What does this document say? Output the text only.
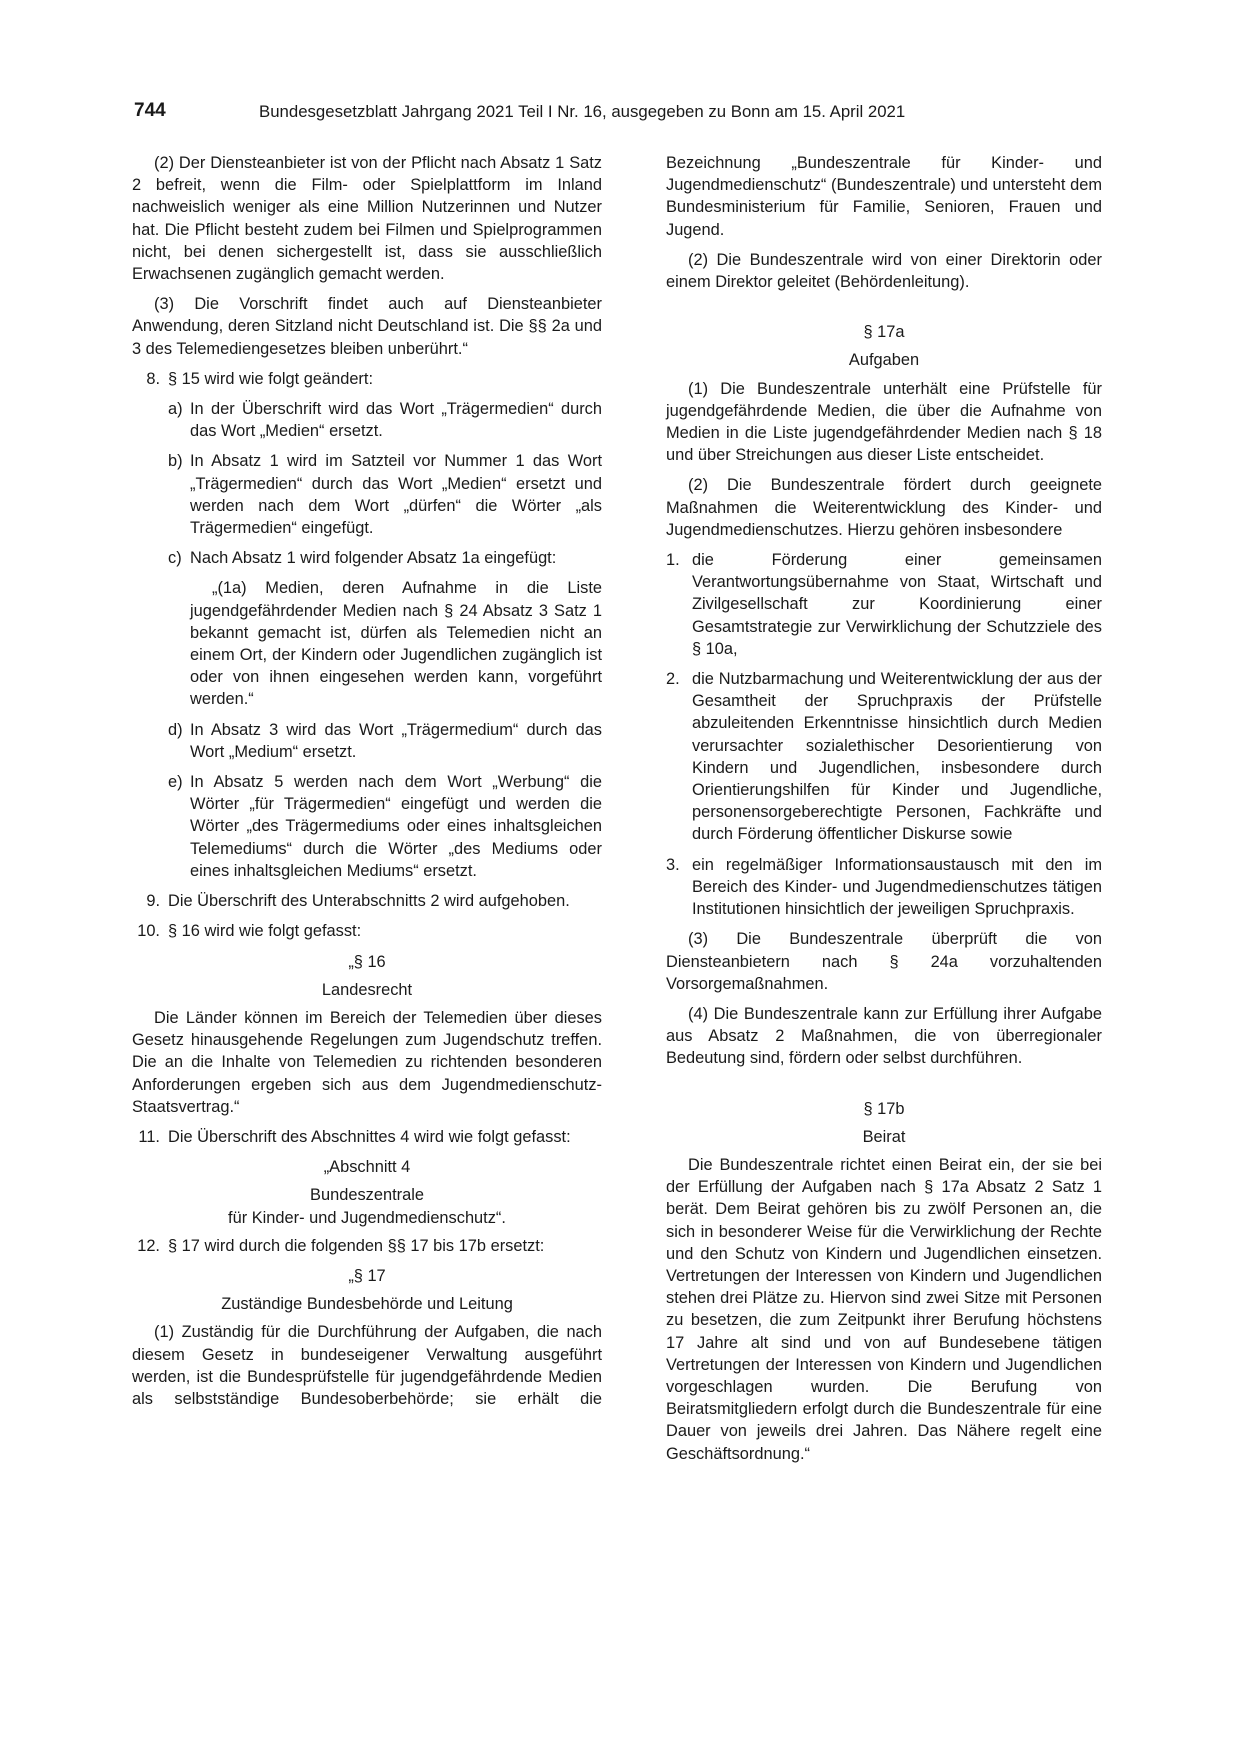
744	Bundesgesetzblatt Jahrgang 2021 Teil I Nr. 16, ausgegeben zu Bonn am 15. April 2021

(2) Der Diensteanbieter ist von der Pflicht nach Absatz 1 Satz 2 befreit, wenn die Film- oder Spielplattform im Inland nachweislich weniger als eine Million Nutzerinnen und Nutzer hat. Die Pflicht besteht zudem bei Filmen und Spielprogrammen nicht, bei denen sichergestellt ist, dass sie ausschließlich Erwachsenen zugänglich gemacht werden.

(3) Die Vorschrift findet auch auf Diensteanbieter Anwendung, deren Sitzland nicht Deutschland ist. Die §§ 2a und 3 des Telemediengesetzes bleiben unberührt.“

8. § 15 wird wie folgt geändert:
a) In der Überschrift wird das Wort „Trägermedien“ durch das Wort „Medien“ ersetzt.
b) In Absatz 1 wird im Satzteil vor Nummer 1 das Wort „Trägermedien“ durch das Wort „Medien“ ersetzt und werden nach dem Wort „dürfen“ die Wörter „als Trägermedien“ eingefügt.
c) Nach Absatz 1 wird folgender Absatz 1a eingefügt:

„(1a) Medien, deren Aufnahme in die Liste jugendgefährdender Medien nach § 24 Absatz 3 Satz 1 bekannt gemacht ist, dürfen als Telemedien nicht an einem Ort, der Kindern oder Jugendlichen zugänglich ist oder von ihnen eingesehen werden kann, vorgeführt werden.“

d) In Absatz 3 wird das Wort „Trägermedium“ durch das Wort „Medium“ ersetzt.
e) In Absatz 5 werden nach dem Wort „Werbung“ die Wörter „für Trägermedien“ eingefügt und werden die Wörter „des Trägermediums oder eines inhaltsgleichen Telemediums“ durch die Wörter „des Mediums oder eines inhaltsgleichen Mediums“ ersetzt.
9. Die Überschrift des Unterabschnitts 2 wird aufgehoben.
10. § 16 wird wie folgt gefasst:

„§ 16

Landesrecht

Die Länder können im Bereich der Telemedien über dieses Gesetz hinausgehende Regelungen zum Jugendschutz treffen. Die an die Inhalte von Telemedien zu richtenden besonderen Anforderungen ergeben sich aus dem Jugendmedienschutz-Staatsvertrag.“

11. Die Überschrift des Abschnittes 4 wird wie folgt gefasst:

„Abschnitt 4

Bundeszentrale

für Kinder- und Jugendmedienschutz“.

12. § 17 wird durch die folgenden §§ 17 bis 17b ersetzt:

„§ 17

Zuständige Bundesbehörde und Leitung

(1) Zuständig für die Durchführung der Aufgaben, die nach diesem Gesetz in bundeseigener Verwaltung ausgeführt werden, ist die Bundesprüfstelle für jugendgefährdende Medien als selbstständige Bundesoberbehörde; sie erhält die

Bezeichnung „Bundeszentrale für Kinder- und Jugendmedienschutz“ (Bundeszentrale) und untersteht dem Bundesministerium für Familie, Senioren, Frauen und Jugend.

(2) Die Bundeszentrale wird von einer Direktorin oder einem Direktor geleitet (Behördenleitung).

§ 17a

Aufgaben

(1) Die Bundeszentrale unterhält eine Prüfstelle für jugendgefährdende Medien, die über die Aufnahme von Medien in die Liste jugendgefährdender Medien nach § 18 und über Streichungen aus dieser Liste entscheidet.

(2) Die Bundeszentrale fördert durch geeignete Maßnahmen die Weiterentwicklung des Kinder- und Jugendmedienschutzes. Hierzu gehören insbesondere

1. die Förderung einer gemeinsamen Verantwortungsübernahme von Staat, Wirtschaft und Zivilgesellschaft zur Koordinierung einer Gesamtstrategie zur Verwirklichung der Schutzziele des § 10a,
2. die Nutzbarmachung und Weiterentwicklung der aus der Gesamtheit der Spruchpraxis der Prüfstelle abzuleitenden Erkenntnisse hinsichtlich durch Medien verursachter sozialethischer Desorientierung von Kindern und Jugendlichen, insbesondere durch Orientierungshilfen für Kinder und Jugendliche, personensorgeberechtigte Personen, Fachkräfte und durch Förderung öffentlicher Diskurse sowie
3. ein regelmäßiger Informationsaustausch mit den im Bereich des Kinder- und Jugendmedienschutzes tätigen Institutionen hinsichtlich der jeweiligen Spruchpraxis.

(3) Die Bundeszentrale überprüft die von Diensteanbietern nach § 24a vorzuhaltenden Vorsorgemaßnahmen.

(4) Die Bundeszentrale kann zur Erfüllung ihrer Aufgabe aus Absatz 2 Maßnahmen, die von überregionaler Bedeutung sind, fördern oder selbst durchführen.

§ 17b

Beirat

Die Bundeszentrale richtet einen Beirat ein, der sie bei der Erfüllung der Aufgaben nach § 17a Absatz 2 Satz 1 berät. Dem Beirat gehören bis zu zwölf Personen an, die sich in besonderer Weise für die Verwirklichung der Rechte und den Schutz von Kindern und Jugendlichen einsetzen. Vertretungen der Interessen von Kindern und Jugendlichen stehen drei Plätze zu. Hiervon sind zwei Sitze mit Personen zu besetzen, die zum Zeitpunkt ihrer Berufung höchstens 17 Jahre alt sind und von auf Bundesebene tätigen Vertretungen der Interessen von Kindern und Jugendlichen vorgeschlagen wurden. Die Berufung von Beiratsmitgliedern erfolgt durch die Bundeszentrale für eine Dauer von jeweils drei Jahren. Das Nähere regelt eine Geschäftsordnung.“
